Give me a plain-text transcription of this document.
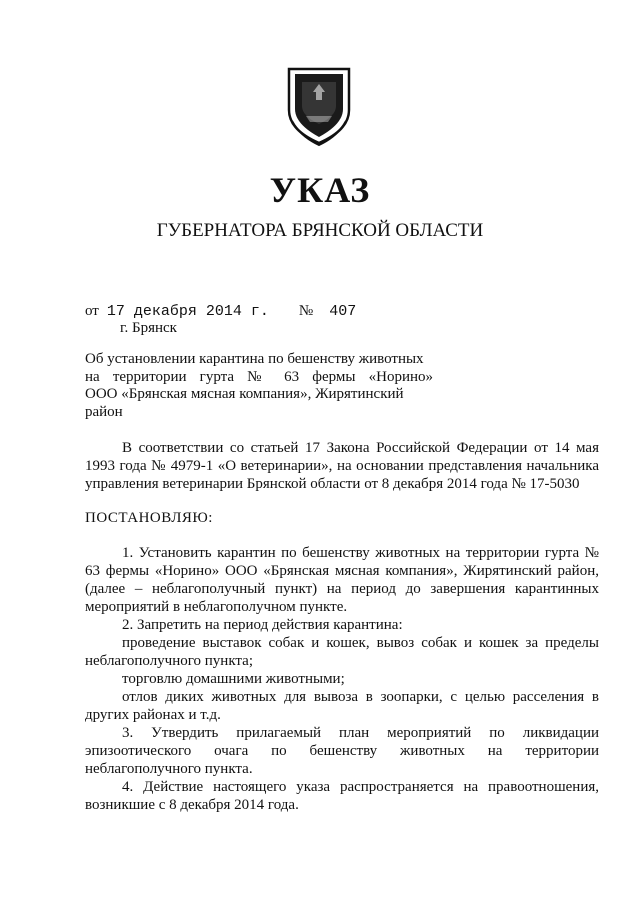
УКАЗ
ГУБЕРНАТОРА БРЯНСКОЙ ОБЛАСТИ
от 17 декабря 2014 г. № 407
г. Брянск
Об установлении карантина по бешенству животных
на территории гурта № 63 фермы «Норино»
ООО «Брянская мясная компания», Жирятинский
район

В соответствии со статьей 17 Закона Российской Федерации от 14 мая 1993 года № 4979-1 «О ветеринарии», на основании представления начальника управления ветеринарии Брянской области от 8 декабря 2014 года № 17-5030

ПОСТАНОВЛЯЮ:

1. Установить карантин по бешенству животных на территории гурта № 63 фермы «Норино» ООО «Брянская мясная компания», Жирятинский район, (далее – неблагополучный пункт) на период до завершения карантинных мероприятий в неблагополучном пункте.

2. Запретить на период действия карантина:

проведение выставок собак и кошек, вывоз собак и кошек за пределы неблагополучного пункта;

торговлю домашними животными;

отлов диких животных для вывоза в зоопарки, с целью расселения в других районах и т.д.

3. Утвердить прилагаемый план мероприятий по ликвидации эпизоотического очага по бешенству животных на территории неблагополучного пункта.

4. Действие настоящего указа распространяется на правоотношения, возникшие с 8 декабря 2014 года.
